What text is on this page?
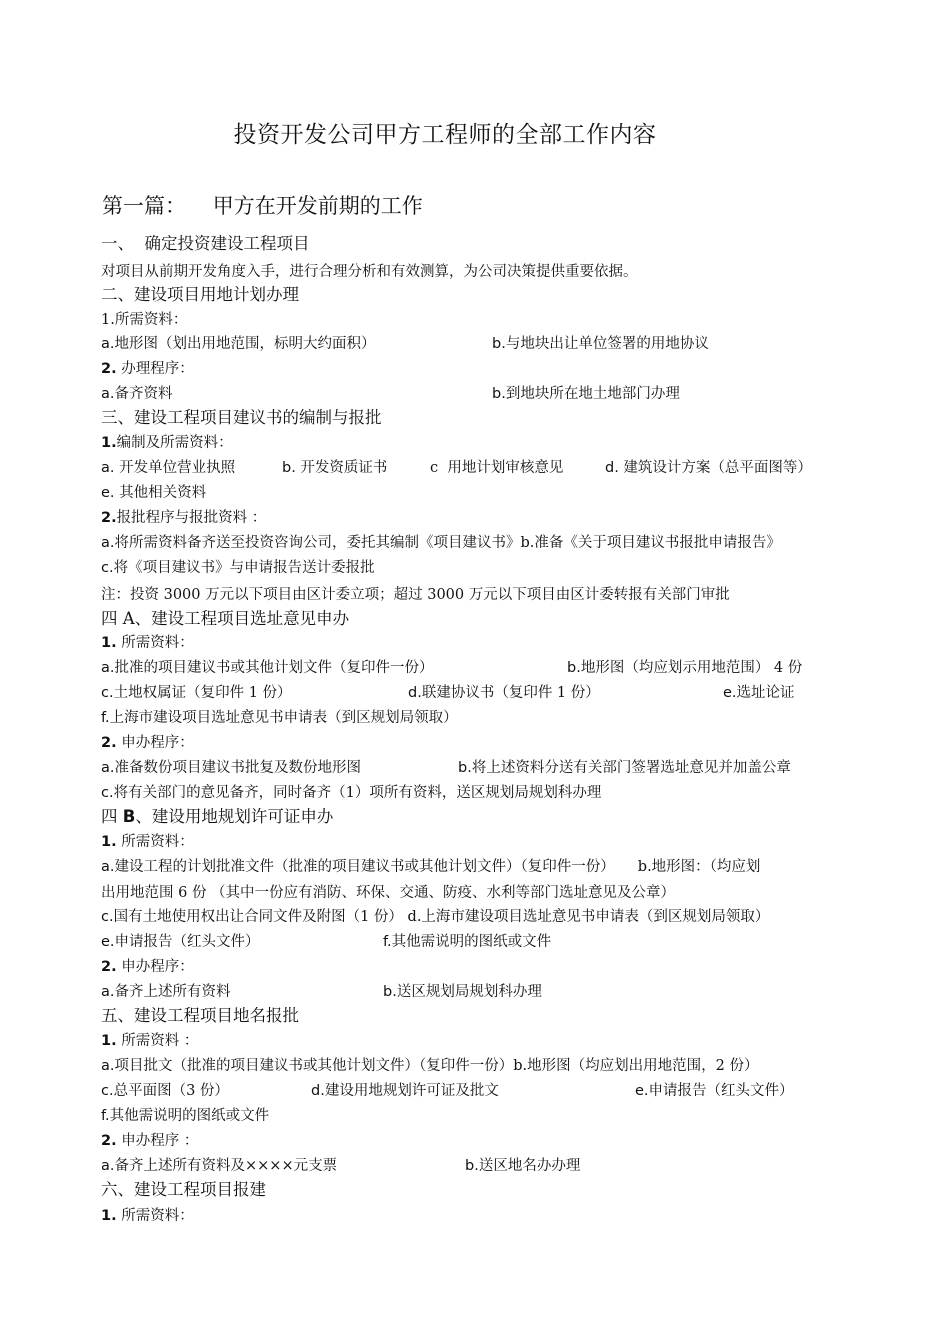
投资开发公司甲方工程师的全部工作内容
第一篇：    甲方在开发前期的工作
一、  确定投资建设工程项目
对项目从前期开发角度入手，进行合理分析和有效测算，为公司决策提供重要依据。
二、建设项目用地计划办理
1.所需资料：

a.地形图（划出用地范围，标明大约面积）

	b.与地块出让单位签署的用地协议

2. 办理程序：

a.备齐资料

	b.到地块所在地土地部门办理

三、建设工程项目建议书的编制与报批
1.编制及所需资料：

a. 开发单位营业执照

	b. 开发资质证书

	c  用地计划审核意见

	d. 建筑设计方案（总平面图等）

e. 其他相关资料
2.报批程序与报批资料 ：
a.将所需资料备齐送至投资咨询公司，委托其编制《项目建议书》b.准备《关于项目建议书报批申请报告》
c.将《项目建议书》与申请报告送计委报批
注：投资 3000 万元以下项目由区计委立项；超过 3000 万元以下项目由区计委转报有关部门审批
四 A、建设工程项目选址意见申办
1. 所需资料：

a.批准的项目建议书或其他计划文件（复印件一份）

	b.地形图（均应划示用地范围） 4 份

c.土地权属证（复印件 1 份）

	d.联建协议书（复印件 1 份）

	e.选址论证

f.上海市建设项目选址意见书申请表（到区规划局领取）
2. 申办程序：

a.准备数份项目建议书批复及数份地形图

	b.将上述资料分送有关部门签署选址意见并加盖公章

c.将有关部门的意见备齐，同时备齐（1）项所有资料，送区规划局规划科办理
四 B、建设用地规划许可证申办
1. 所需资料：
a.建设工程的计划批准文件（批准的项目建议书或其他计划文件）（复印件一份）     b.地形图：（均应划
出用地范围 6 份 （其中一份应有消防、环保、交通、防疫、水利等部门选址意见及公章）
c.国有土地使用权出让合同文件及附图（1 份） d.上海市建设项目选址意见书申请表（到区规划局领取）

e.申请报告（红头文件）

	f.其他需说明的图纸或文件

2. 申办程序：

a.备齐上述所有资料

	b.送区规划局规划科办理

五、建设工程项目地名报批
1. 所需资料 ：
a.项目批文（批准的项目建议书或其他计划文件）（复印件一份）b.地形图（均应划出用地范围，2 份）

c.总平面图（3 份）

	d.建设用地规划许可证及批文

	e.申请报告（红头文件）

f.其他需说明的图纸或文件
2. 申办程序 ：

a.备齐上述所有资料及××××元支票

	b.送区地名办办理

六、建设工程项目报建
1. 所需资料：
